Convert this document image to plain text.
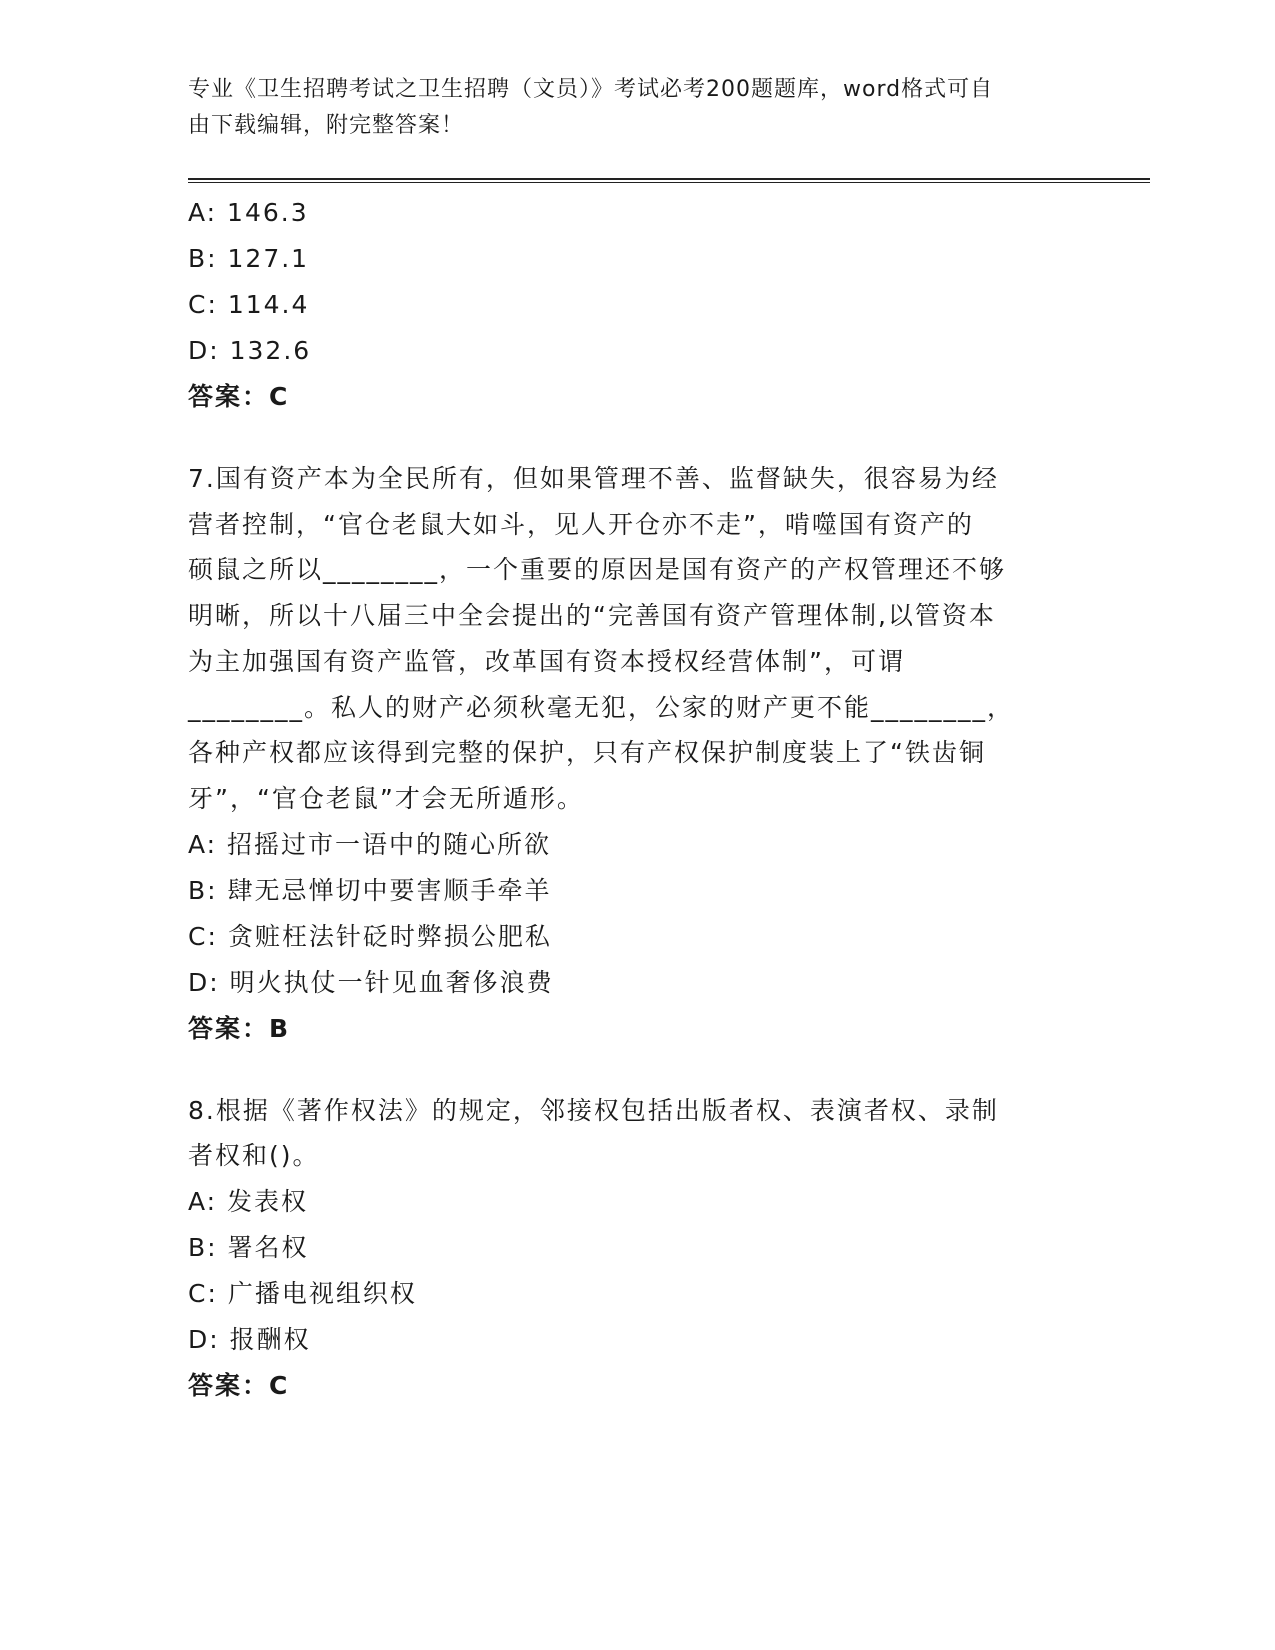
专业《卫生招聘考试之卫生招聘（文员）》考试必考200题题库，word格式可自
由下载编辑，附完整答案！
A: 146.3
B: 127.1
C: 114.4
D: 132.6
答案：C
7.国有资产本为全民所有，但如果管理不善、监督缺失，很容易为经
营者控制，“官仓老鼠大如斗，见人开仓亦不走”，啃噬国有资产的
硕鼠之所以________，一个重要的原因是国有资产的产权管理还不够
明晰，所以十八届三中全会提出的“完善国有资产管理体制,以管资本
为主加强国有资产监管，改革国有资本授权经营体制”，可谓
________。私人的财产必须秋毫无犯，公家的财产更不能________，
各种产权都应该得到完整的保护，只有产权保护制度装上了“铁齿铜
牙”，“官仓老鼠”才会无所遁形。
A: 招摇过市一语中的随心所欲
B: 肆无忌惮切中要害顺手牵羊
C: 贪赃枉法针砭时弊损公肥私
D: 明火执仗一针见血奢侈浪费
答案：B
8.根据《著作权法》的规定，邻接权包括出版者权、表演者权、录制
者权和()。
A: 发表权
B: 署名权
C: 广播电视组织权
D: 报酬权
答案：C
